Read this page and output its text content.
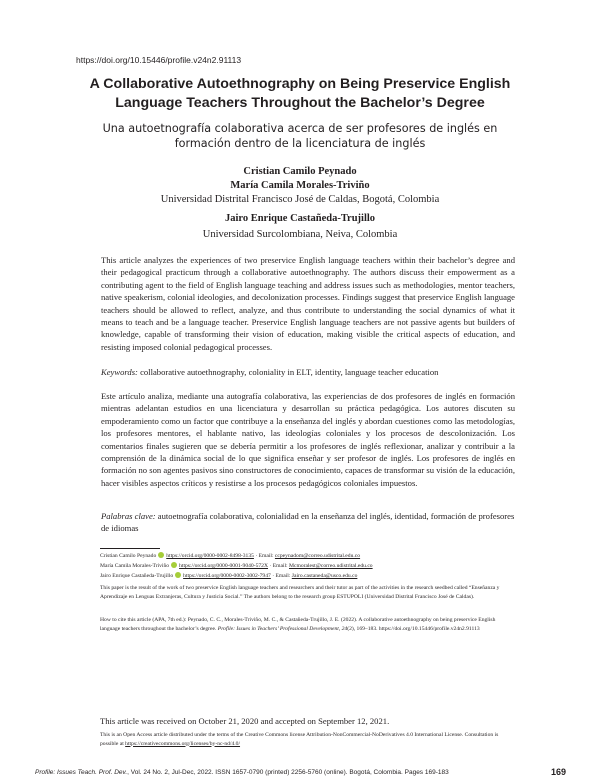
https://doi.org/10.15446/profile.v24n2.91113
A Collaborative Autoethnography on Being Preservice English Language Teachers Throughout the Bachelor’s Degree
Una autoetnografía colaborativa acerca de ser profesores de inglés en formación dentro de la licenciatura de inglés
Cristian Camilo Peynado
María Camila Morales-Triviño
Universidad Distrital Francisco José de Caldas, Bogotá, Colombia
Jairo Enrique Castañeda-Trujillo
Universidad Surcolombiana, Neiva, Colombia
This article analyzes the experiences of two preservice English language teachers within their bachelor’s degree and their pedagogical practicum through a collaborative autoethnography. The authors discuss their empowerment as a contributing agent to the field of English language teaching and address issues such as methodologies, mentor teachers, native speakerism, colonial ideologies, and decolonization processes. Findings suggest that preservice English language teachers should be allowed to reflect, analyze, and thus contribute to understanding the social dynamics of what it means to teach and be a language teacher. Preservice English language teachers are not passive agents but builders of knowledge, capable of transforming their vision of education, making visible the critical aspects of education, and resisting imposed colonial pedagogical processes.
Keywords: collaborative autoethnography, coloniality in ELT, identity, language teacher education
Este artículo analiza, mediante una autografía colaborativa, las experiencias de dos profesores de inglés en formación mientras adelantan estudios en una licenciatura y desarrollan su práctica pedagógica. Los autores discuten su empoderamiento como un factor que contribuye a la enseñanza del inglés y abordan cuestiones como las metodologías, los profesores mentores, el hablante nativo, las ideologías coloniales y los procesos de descolonización. Los comentarios finales sugieren que se debería permitir a los profesores de inglés reflexionar, analizar y contribuir a la comprensión de la dinámica social de lo que significa enseñar y ser profesor de inglés. Los profesores de inglés en formación no son agentes pasivos sino constructores de conocimiento, capaces de transformar su visión de la educación, hacer visibles aspectos críticos y resistirse a los procesos pedagógicos coloniales impuestos.
Palabras clave: autoetnografía colaborativa, colonialidad en la enseñanza del inglés, identidad, formación de profesores de idiomas
Cristian Camilo Peynado https://orcid.org/0000-0002-8498-3135 · Email: ccpeynadom@correo.udistrital.edu.co
María Camila Morales-Triviño https://orcid.org/0000-0001-9040-572X · Email: Mcmoralest@correo.udistrital.edu.co
Jairo Enrique Castañeda-Trujillo https://orcid.org/0000-0002-3002-7947 · Email: Jairo.castaneda@usco.edu.co
This paper is the result of the work of two preservice English language teachers and researchers and their tutor as part of the activities in the research seedbed called “Enseñanza y Aprendizaje en Lenguas Extranjeras, Cultura y Justicia Social.” The authors belong to the research group ESTUPOLI (Universidad Distrital Francisco José de Caldas).
How to cite this article (APA, 7th ed.): Peynado, C. C., Morales-Triviño, M. C., & Castañeda-Trujillo, J. E. (2022). A collaborative autoethnography on being preservice English language teachers throughout the bachelor’s degree. Profile: Issues in Teachers’ Professional Development, 24(2), 169–183. https://doi.org/10.15446/profile.v24n2.91113
This article was received on October 21, 2020 and accepted on September 12, 2021.
This is an Open Access article distributed under the terms of the Creative Commons license Attribution-NonCommercial-NoDerivatives 4.0 International License. Consultation is possible at https://creativecommons.org/licenses/by-nc-nd/4.0/
Profile: Issues Teach. Prof. Dev., Vol. 24 No. 2, Jul-Dec, 2022. ISSN 1657-0790 (printed) 2256-5760 (online). Bogotá, Colombia. Pages 169-183	169
